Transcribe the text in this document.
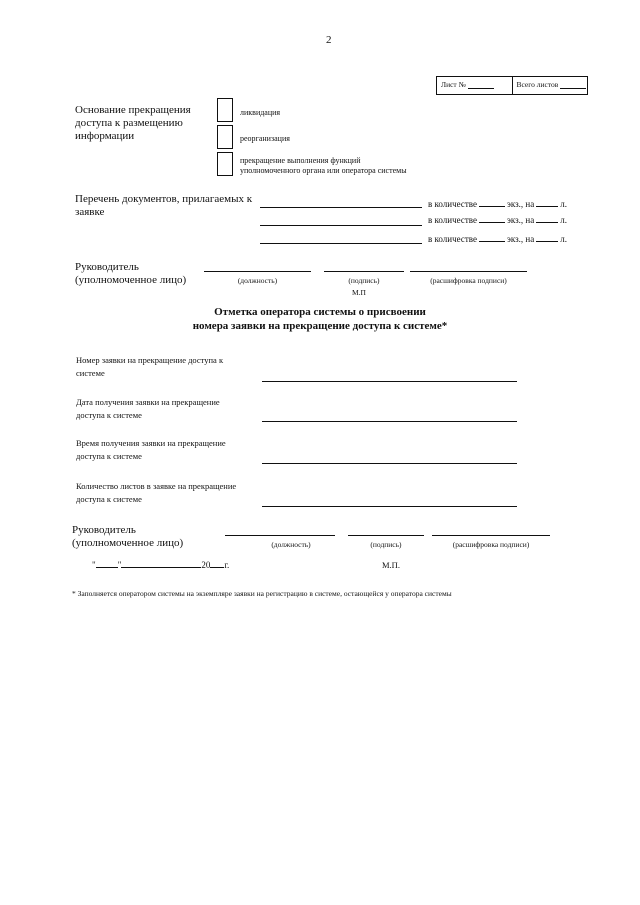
2
Лист №	Всего листов
Основание прекращения
доступа к размещению
информации
ликвидация
реорганизация
прекращение выполнения функций
уполномоченного органа или оператора системы
Перечень документов, прилагаемых к
заявке
в количестве	экз., на	л.
в количестве	экз., на	л.
в количестве	экз., на	л.
Руководитель
(уполномоченное лицо)	(должность)	(подпись)	(расшифровка подписи)
М.П
Отметка оператора системы о присвоении
номера заявки на прекращение доступа к системе*
Номер заявки на прекращение доступа к
системе
Дата получения заявки на прекращение
доступа к системе
Время получения заявки на прекращение
доступа к системе
Количество листов в заявке на прекращение
доступа к системе
Руководитель
(уполномоченное лицо)	(должность)	(подпись)	(расшифровка подписи)
" "	20 г.	М.П.
* Заполняется оператором системы на экземпляре заявки на регистрацию в системе, остающейся у оператора системы
